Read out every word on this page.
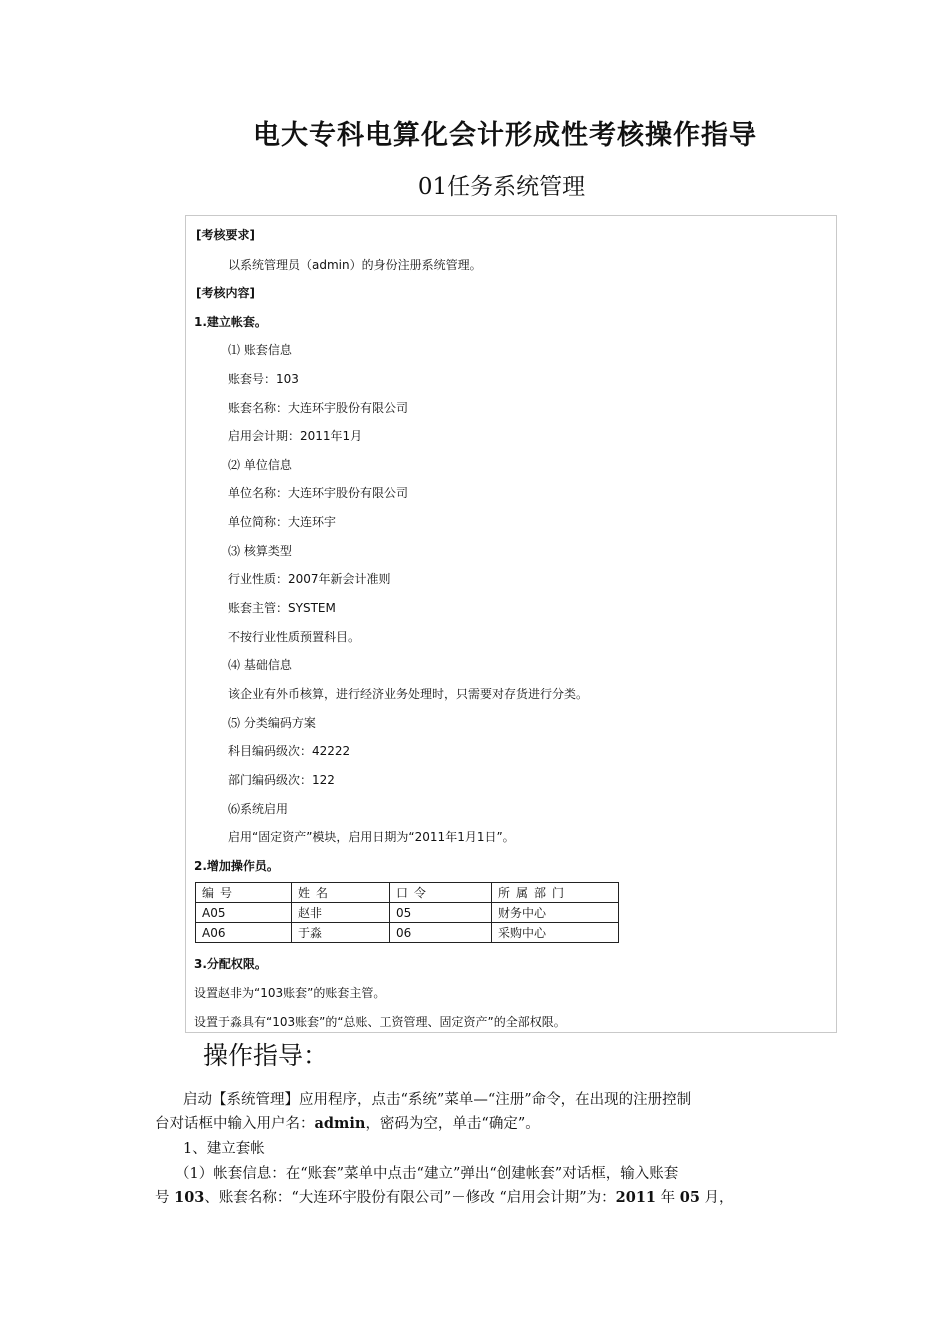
电大专科电算化会计形成性考核操作指导
01任务系统管理
[考核要求]
以系统管理员（admin）的身份注册系统管理。
[考核内容]
1.建立帐套。
⑴ 账套信息
账套号：103
账套名称：大连环宇股份有限公司
启用会计期：2011年1月
⑵ 单位信息
单位名称：大连环宇股份有限公司
单位简称：大连环宇
⑶ 核算类型
行业性质：2007年新会计准则
账套主管：SYSTEM
不按行业性质预置科目。
⑷ 基础信息
该企业有外币核算，进行经济业务处理时，只需要对存货进行分类。
⑸ 分类编码方案
科目编码级次：42222
部门编码级次：122
⑹系统启用
启用“固定资产”模块，启用日期为“2011年1月1日”。
2.增加操作员。
编号	姓名	口令	所属部门
A05	赵非	05	财务中心
A06	于淼	06	采购中心
3.分配权限。
设置赵非为“103账套”的账套主管。
设置于淼具有“103账套”的“总账、工资管理、固定资产”的全部权限。
操作指导：
启动【系统管理】应用程序，点击“系统”菜单—“注册”命令，在出现的注册控制
台对话框中输入用户名：admin，密码为空，单击“确定”。
1、建立套帐
（1）帐套信息：在“账套”菜单中点击“建立”弹出“创建帐套”对话框，输入账套
号 103、账套名称：“大连环宇股份有限公司”－修改 “启用会计期”为：2011 年 05 月，
